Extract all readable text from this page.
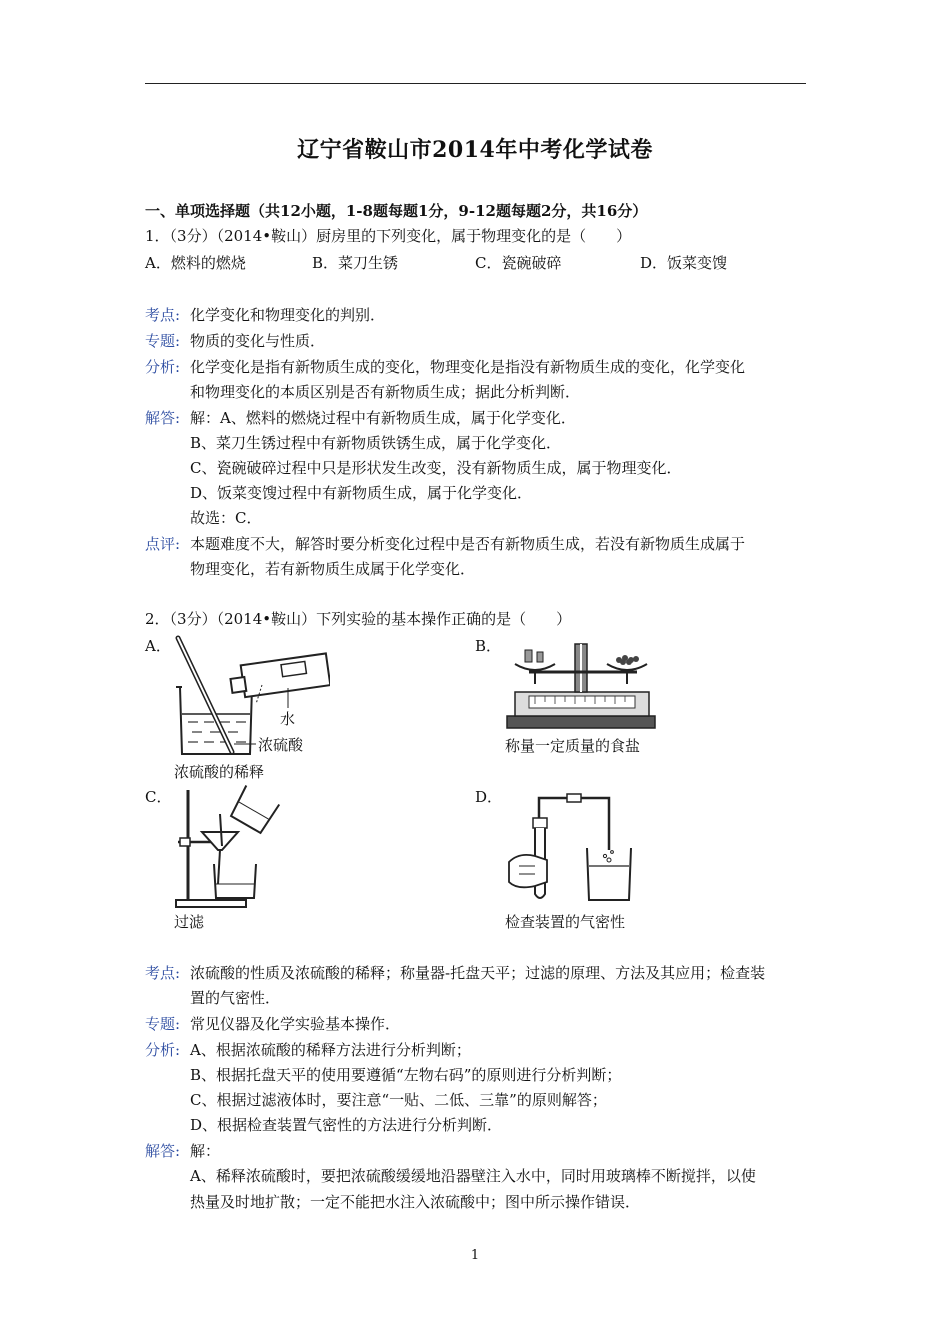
辽宁省鞍山市2014年中考化学试卷
一、单项选择题（共12小题，1-8题每题1分，9-12题每题2分，共16分）
1．（3分）（2014•鞍山）厨房里的下列变化，属于物理变化的是（　　）
A．燃料的燃烧	B．菜刀生锈	C．瓷碗破碎	D．饭菜变馊
考点: 化学变化和物理变化的判别．
专题: 物质的变化与性质．
分析: 化学变化是指有新物质生成的变化，物理变化是指没有新物质生成的变化，化学变化
和物理变化的本质区别是否有新物质生成；据此分析判断．
解答: 解：A、燃料的燃烧过程中有新物质生成，属于化学变化．
B、菜刀生锈过程中有新物质铁锈生成，属于化学变化．
C、瓷碗破碎过程中只是形状发生改变，没有新物质生成，属于物理变化．
D、饭菜变馊过程中有新物质生成，属于化学变化．
故选：C．
点评: 本题难度不大，解答时要分析变化过程中是否有新物质生成，若没有新物质生成属于
物理变化，若有新物质生成属于化学变化．
2．（3分）（2014•鞍山）下列实验的基本操作正确的是（　　）
A．
水
浓硫酸
浓硫酸的稀释
B．
称量一定质量的食盐
C．
过滤
D．
检查装置的气密性
考点: 浓硫酸的性质及浓硫酸的稀释；称量器-托盘天平；过滤的原理、方法及其应用；检查装
置的气密性．
专题: 常见仪器及化学实验基本操作．
分析: A、根据浓硫酸的稀释方法进行分析判断；
B、根据托盘天平的使用要遵循“左物右码”的原则进行分析判断；
C、根据过滤液体时，要注意“一贴、二低、三靠”的原则解答；
D、根据检查装置气密性的方法进行分析判断．
解答: 解：
A、稀释浓硫酸时，要把浓硫酸缓缓地沿器壁注入水中，同时用玻璃棒不断搅拌，以使
热量及时地扩散；一定不能把水注入浓硫酸中；图中所示操作错误．
1
